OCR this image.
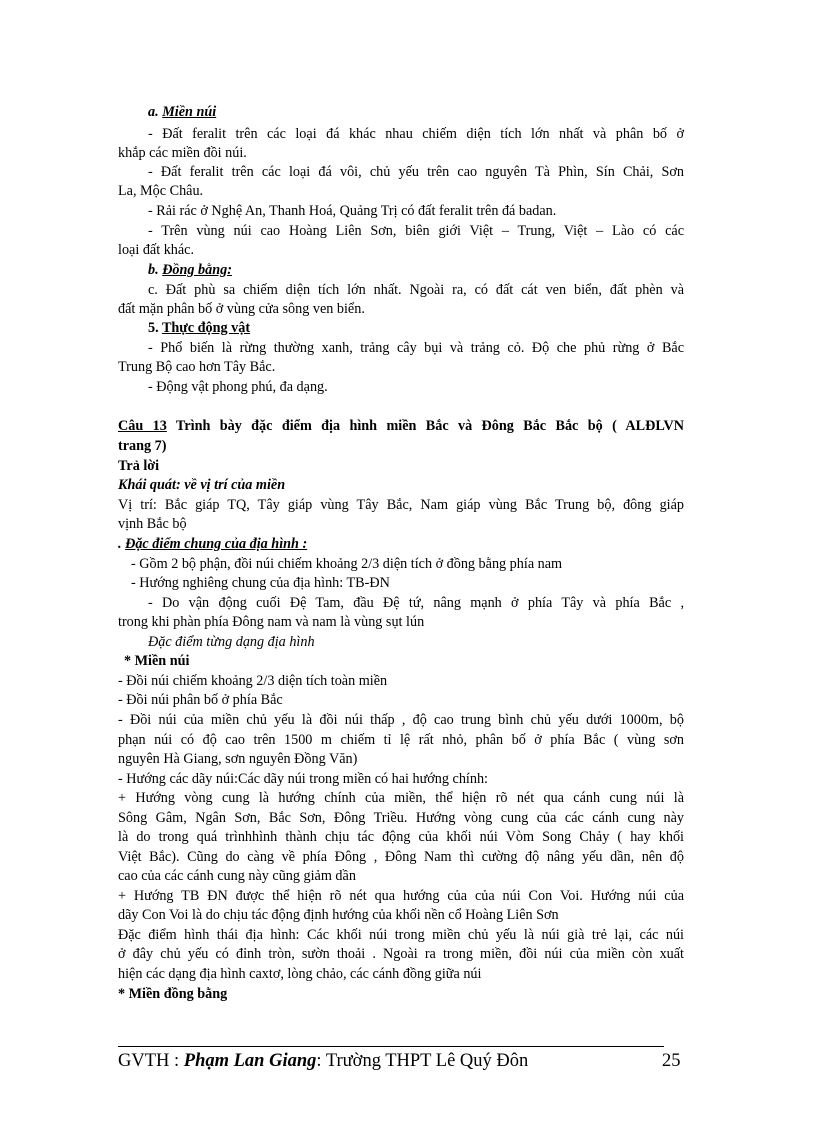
a. Miền núi
- Đất feralit trên các loại đá khác nhau chiếm diện tích lớn nhất và phân bố ở
khắp các miền đồi núi.
- Đất feralit trên các loại đá vôi, chủ yếu trên cao nguyên Tà Phìn, Sín Chải, Sơn
La, Mộc Châu.
- Rải rác ở Nghệ An, Thanh Hoá, Quảng Trị có đất feralit trên đá badan.
- Trên vùng núi cao Hoàng Liên Sơn, biên giới Việt – Trung, Việt – Lào có các
loại đất khác.
b. Đồng bằng:
c. Đất phù sa chiếm diện tích lớn nhất. Ngoài ra, có đất cát ven biển, đất phèn và
đất mặn phân bố ở vùng cửa sông ven biển.
5. Thực động vật
- Phổ biến là rừng thường xanh, trảng cây bụi và trảng cỏ. Độ che phủ rừng ở Bắc
Trung Bộ cao hơn Tây Bắc.
- Động vật phong phú, đa dạng.
Câu 13 Trình bày đặc điểm địa hình miền Bắc và Đông Bắc Bắc bộ ( ALĐLVN
trang 7)
Trả lời
Khái quát: về vị trí của miền
Vị trí: Bắc giáp TQ, Tây giáp vùng Tây Bắc, Nam giáp vùng Bắc Trung bộ, đông giáp
vịnh Bắc bộ
. Đặc điểm chung của địa hình :
- Gồm 2 bộ phận, đồi núi chiếm khoảng 2/3 diện tích ở đồng bằng phía nam
- Hướng nghiêng chung của địa hình: TB-ĐN
- Do vận động cuối Đệ Tam, đầu Đệ tứ, nâng mạnh ở phía Tây và phía Bắc ,
trong khi phàn phía Đông nam và nam là vùng sụt lún
Đặc điểm từng dạng địa hình
* Miền núi
- Đồi núi chiếm khoảng 2/3 diện tích toàn miền
- Đồi núi phân bố ở phía Bắc
- Đồi núi của miền chủ yếu là đồi núi thấp , độ cao trung bình chủ yếu dưới 1000m, bộ
phạn núi có độ cao trên 1500 m chiếm tỉ lệ rất nhỏ, phân bố ở phía Bắc ( vùng sơn
nguyên Hà Giang, sơn nguyên Đồng Văn)
- Hướng các dãy núi:Các dãy núi trong miền có hai hướng chính:
+ Hướng vòng cung là hướng chính của miền, thể hiện rõ nét qua cánh cung núi là
Sông Gâm, Ngân Sơn, Bắc Sơn, Đông Triều. Hướng vòng cung của các cánh cung này
là do trong quá trìnhhình thành chịu tác động của khối núi Vòm Song Chảy ( hay khối
Việt Bắc). Cũng do càng về phía Đông , Đông Nam thì cường độ nâng yếu dần, nên độ
cao của các cánh cung này cũng giảm dần
+ Hướng TB ĐN được thể hiện rõ nét qua hướng của của núi Con Voi. Hướng núi của
dãy Con Voi là do chịu tác động định hướng của khối nền cổ Hoàng Liên Sơn
Đặc điểm hình thái địa hình: Các khối núi trong miền chủ yếu là núi già trẻ lại, các núi
ở đây chủ yếu có đỉnh tròn, sườn thoải . Ngoài ra trong miền, đồi núi của miền còn xuất
hiện các dạng địa hình caxtơ, lòng chảo, các cánh đồng giữa núi
* Miền đồng bằng
GVTH : Phạm Lan Giang: Trường THPT Lê Quý Đôn	25
